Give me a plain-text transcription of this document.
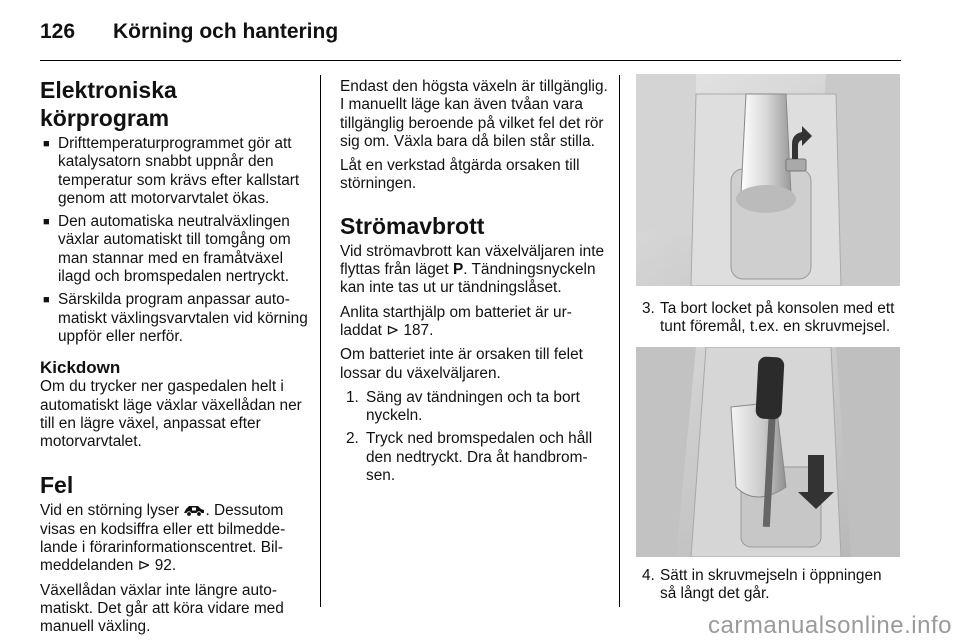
126 Körning och hantering
Elektroniska körprogram
■ Drifttemperaturprogrammet gör att katalysatorn snabbt uppnår den temperatur som krävs efter kallstart genom att motorvarvtalet ökas.
■ Den automatiska neutralväxlingen växlar automatiskt till tomgång om man stannar med en framåtväxel ilagd och bromspedalen nertryckt.
■ Särskilda program anpassar automatiskt växlingsvarvtalen vid körning uppför eller nerför.
Kickdown

Om du trycker ner gaspedalen helt i automatiskt läge växlar växellådan ner till en lägre växel, anpassat efter motorvarvtalet.

Fel

Vid en störning lyser . Dessutom visas en kodsiffra eller ett bilmeddelande i förarinformationscentret. Bilmeddelanden ⊳ 92.

Växellådan växlar inte längre automatiskt. Det går att köra vidare med manuell växling.

Endast den högsta växeln är tillgänglig. I manuellt läge kan även tvåan vara tillgänglig beroende på vilket fel det rör sig om. Växla bara då bilen står stilla.

Låt en verkstad åtgärda orsaken till störningen.

Strömavbrott

Vid strömavbrott kan växelväljaren inte flyttas från läget P. Tändningsnyckeln kan inte tas ut ur tändningslåset.

Anlita starthjälp om batteriet är urladdat ⊳ 187.

Om batteriet inte är orsaken till felet lossar du växelväljaren.

1. Säng av tändningen och ta bort nyckeln.
2. Tryck ned bromspedalen och håll den nedtryckt. Dra åt handbromsen.
3. Ta bort locket på konsolen med ett tunt föremål, t.ex. en skruvmejsel.
4. Sätt in skruvmejseln i öppningen så långt det går.
carmanualsonline.info
